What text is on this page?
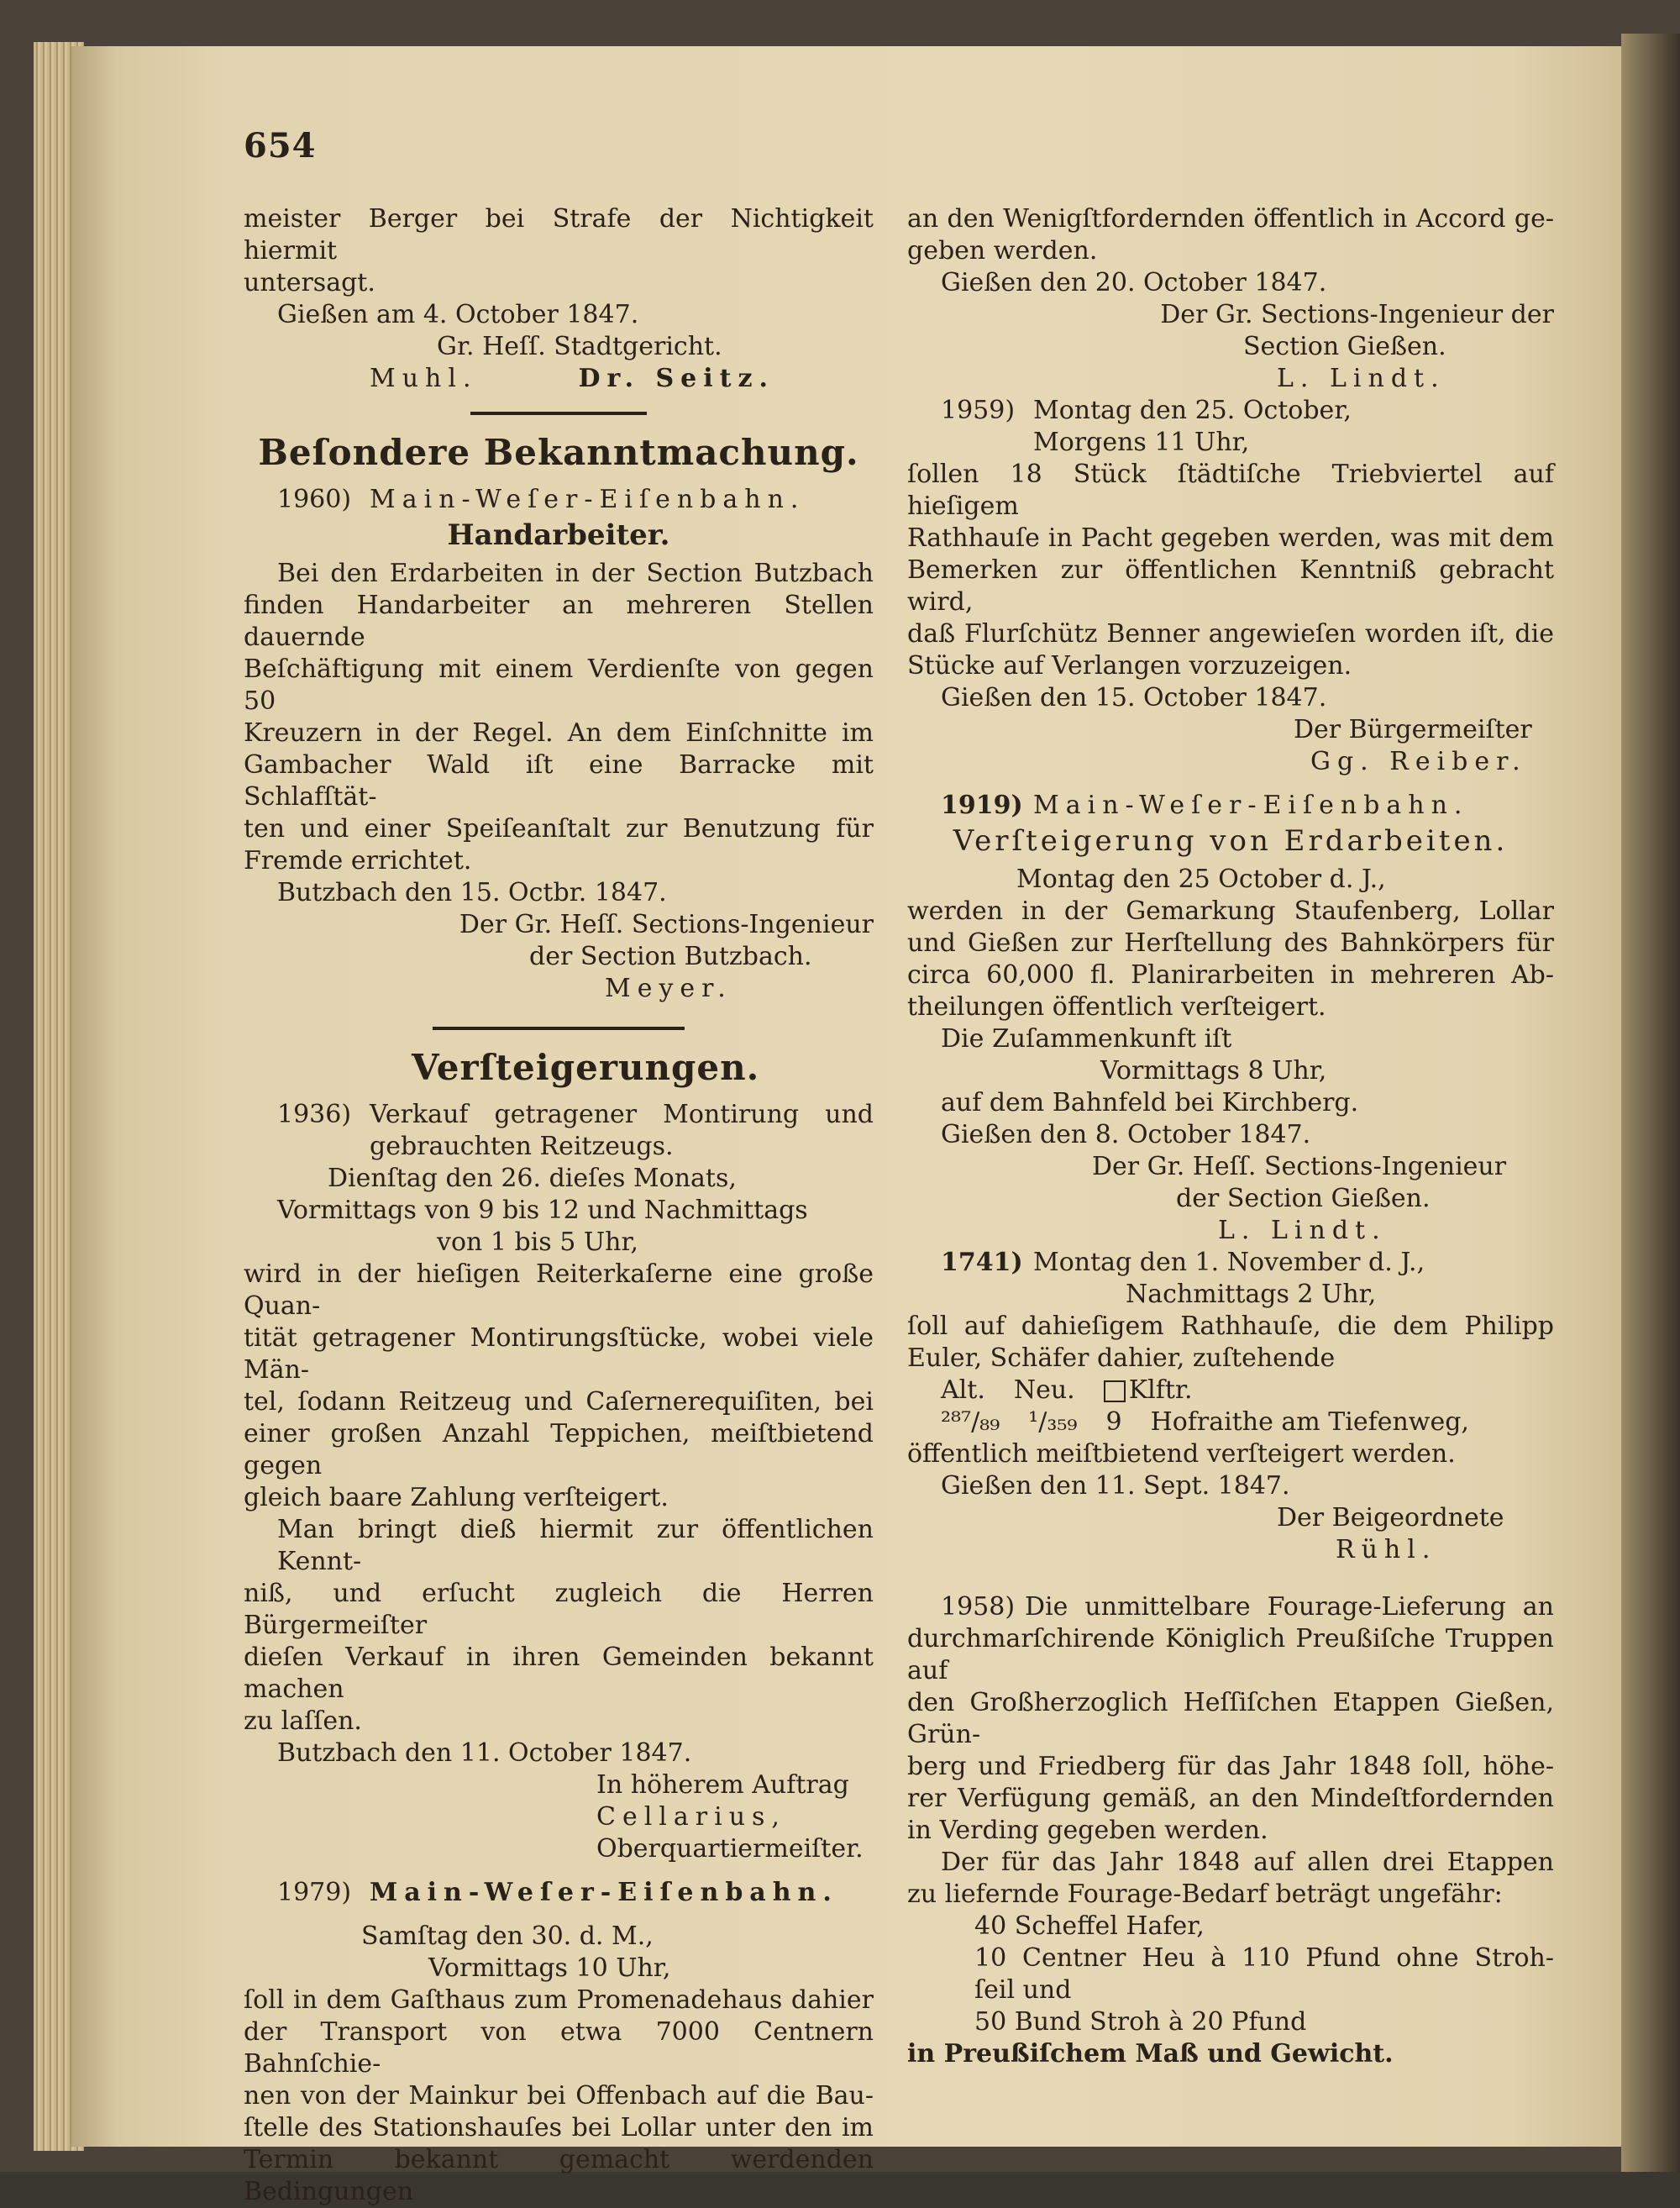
654

meister Berger bei Strafe der Nichtigkeit hiermit

untersagt.

Gießen am 4. October 1847.

Gr. Heſſ. Stadtgericht.

Muhl.	Dr. Seitz.

Beſondere Bekanntmachung.

1960) Main-Weſer-Eiſenbahn.

Handarbeiter.

Bei den Erdarbeiten in der Section Butzbach

finden Handarbeiter an mehreren Stellen dauernde

Beſchäftigung mit einem Verdienſte von gegen 50

Kreuzern in der Regel. An dem Einſchnitte im

Gambacher Wald iſt eine Barracke mit Schlafſtät-

ten und einer Speiſeanſtalt zur Benutzung für

Fremde errichtet.

Butzbach den 15. Octbr. 1847.

Der Gr. Heſſ. Sections-Ingenieur

der Section Butzbach.

Meyer.

Verſteigerungen.

1936) Verkauf getragener Montirung und

gebrauchten Reitzeugs.

Dienſtag den 26. dieſes Monats,

Vormittags von 9 bis 12 und Nachmittags

von 1 bis 5 Uhr,

wird in der hieſigen Reiterkaſerne eine große Quan-

tität getragener Montirungsſtücke, wobei viele Män-

tel, ſodann Reitzeug und Caſernerequiſiten, bei

einer großen Anzahl Teppichen, meiſtbietend gegen

gleich baare Zahlung verſteigert.

Man bringt dieß hiermit zur öffentlichen Kennt-

niß, und erſucht zugleich die Herren Bürgermeiſter

dieſen Verkauf in ihren Gemeinden bekannt machen

zu laſſen.

Butzbach den 11. October 1847.

In höherem Auftrag

Cellarius,

Oberquartiermeiſter.

1979) Main-Weſer-Eiſenbahn.

Samſtag den 30. d. M.,

Vormittags 10 Uhr,

ſoll in dem Gaſthaus zum Promenadehaus dahier

der Transport von etwa 7000 Centnern Bahnſchie-

nen von der Mainkur bei Offenbach auf die Bau-

ſtelle des Stationshauſes bei Lollar unter den im

Termin bekannt gemacht werdenden Bedingungen

an den Wenigſtfordernden öffentlich in Accord ge-

geben werden.

Gießen den 20. October 1847.

Der Gr. Sections-Ingenieur der

Section Gießen.

L. Lindt.

1959) Montag den 25. October,

Morgens 11 Uhr,

ſollen 18 Stück ſtädtiſche Triebviertel auf hieſigem

Rathhauſe in Pacht gegeben werden, was mit dem

Bemerken zur öffentlichen Kenntniß gebracht wird,

daß Flurſchütz Benner angewieſen worden iſt, die

Stücke auf Verlangen vorzuzeigen.

Gießen den 15. October 1847.

Der Bürgermeiſter

Gg. Reiber.

1919) Main-Weſer-Eiſenbahn.

Verſteigerung von Erdarbeiten.

Montag den 25 October d. J.,

werden in der Gemarkung Staufenberg, Lollar

und Gießen zur Herſtellung des Bahnkörpers für

circa 60,000 fl. Planirarbeiten in mehreren Ab-

theilungen öffentlich verſteigert.

Die Zuſammenkunft iſt

Vormittags 8 Uhr,

auf dem Bahnfeld bei Kirchberg.

Gießen den 8. October 1847.

Der Gr. Heſſ. Sections-Ingenieur

der Section Gießen.

L. Lindt.

1741) Montag den 1. November d. J.,

Nachmittags 2 Uhr,

ſoll auf dahieſigem Rathhauſe, die dem Philipp

Euler, Schäfer dahier, zuſtehende

Alt. Neu.	Klftr.
²⁸⁷/₈₉ ¹/₃₅₉ 9 Hofraithe am Tiefenweg,

öffentlich meiſtbietend verſteigert werden.

Gießen den 11. Sept. 1847.

Der Beigeordnete

Rühl.

1958) Die unmittelbare Fourage-Lieferung an

durchmarſchirende Königlich Preußiſche Truppen auf

den Großherzoglich Heſſiſchen Etappen Gießen, Grün-

berg und Friedberg für das Jahr 1848 ſoll, höhe-

rer Verfügung gemäß, an den Mindeſtfordernden

in Verding gegeben werden.

Der für das Jahr 1848 auf allen drei Etappen

zu liefernde Fourage-Bedarf beträgt ungefähr:

40 Scheffel Hafer,

10 Centner Heu à 110 Pfund ohne Stroh-

ſeil und

50 Bund Stroh à 20 Pfund

in Preußiſchem Maß und Gewicht.
